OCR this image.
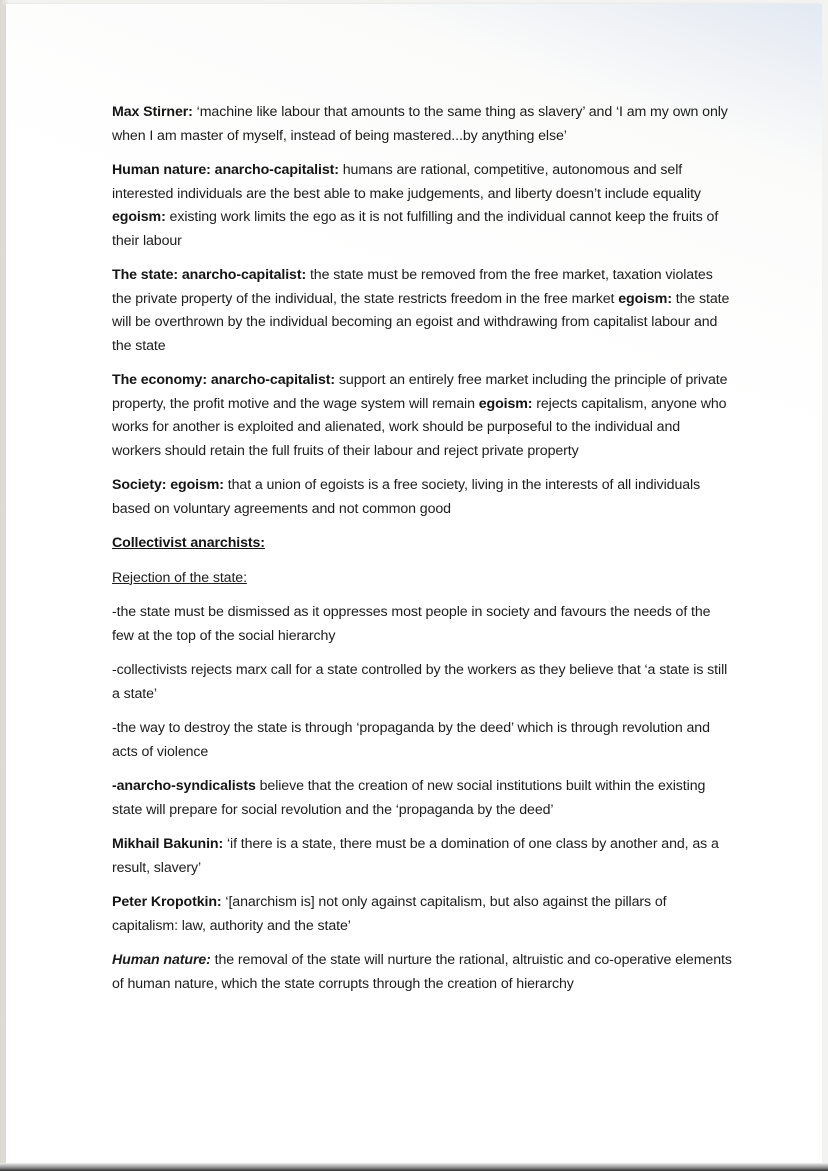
Max Stirner: ‘machine like labour that amounts to the same thing as slavery’ and ‘I am my own only when I am master of myself, instead of being mastered...by anything else’

Human nature: anarcho-capitalist: humans are rational, competitive, autonomous and self interested individuals are the best able to make judgements, and liberty doesn’t include equality egoism: existing work limits the ego as it is not fulfilling and the individual cannot keep the fruits of their labour

The state: anarcho-capitalist: the state must be removed from the free market, taxation violates the private property of the individual, the state restricts freedom in the free market egoism: the state will be overthrown by the individual becoming an egoist and withdrawing from capitalist labour and the state

The economy: anarcho-capitalist: support an entirely free market including the principle of private property, the profit motive and the wage system will remain egoism: rejects capitalism, anyone who works for another is exploited and alienated, work should be purposeful to the individual and workers should retain the full fruits of their labour and reject private property

Society: egoism: that a union of egoists is a free society, living in the interests of all individuals based on voluntary agreements and not common good

Collectivist anarchists:

Rejection of the state:

-the state must be dismissed as it oppresses most people in society and favours the needs of the few at the top of the social hierarchy

-collectivists rejects marx call for a state controlled by the workers as they believe that ‘a state is still a state’

-the way to destroy the state is through ‘propaganda by the deed’ which is through revolution and acts of violence

-anarcho-syndicalists believe that the creation of new social institutions built within the existing state will prepare for social revolution and the ‘propaganda by the deed’

Mikhail Bakunin: ‘if there is a state, there must be a domination of one class by another and, as a result, slavery’

Peter Kropotkin: ‘[anarchism is] not only against capitalism, but also against the pillars of capitalism: law, authority and the state’

Human nature: the removal of the state will nurture the rational, altruistic and co-operative elements of human nature, which the state corrupts through the creation of hierarchy
